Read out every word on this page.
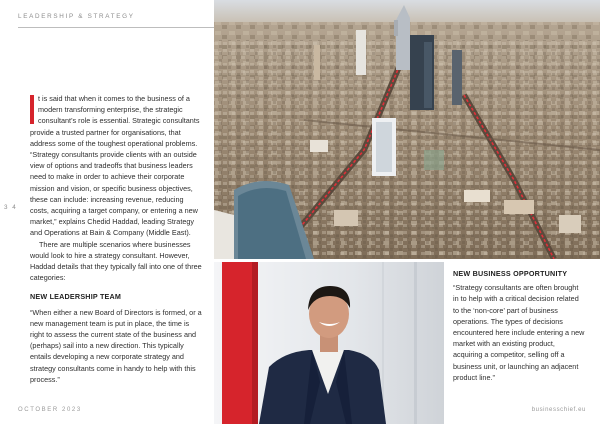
LEADERSHIP & STRATEGY
3 4

t is said that when it comes to the business of a modern transforming enterprise, the strategic consultant’s role is essential. Strategic consultants provide a trusted partner for organisations, that address some of the toughest operational problems. “Strategy consultants provide clients with an outside view of options and tradeoffs that business leaders need to make in order to achieve their corporate mission and vision, or specific business objectives, these can include: increasing revenue, reducing costs, acquiring a target company, or entering a new market,” explains Chedid Haddad, leading Strategy and Operations at Bain & Company (Middle East).

There are multiple scenarios where businesses would look to hire a strategy consultant. However, Haddad details that they typically fall into one of three categories:

NEW LEADERSHIP TEAM

“When either a new Board of Directors is formed, or a new management team is put in place, the time is right to assess the current state of the business and (perhaps) sail into a new direction. This typically entails developing a new corporate strategy and strategy consultants come in handy to help with this process.”

NEW BUSINESS OPPORTUNITY

“Strategy consultants are often brought in to help with a critical decision related to the ‘non-core’ part of business operations. The types of decisions encountered here include entering a new market with an existing product, acquiring a competitor, selling off a business unit, or launching an adjacent product line.”

OCTOBER 2023	businesschief.eu
